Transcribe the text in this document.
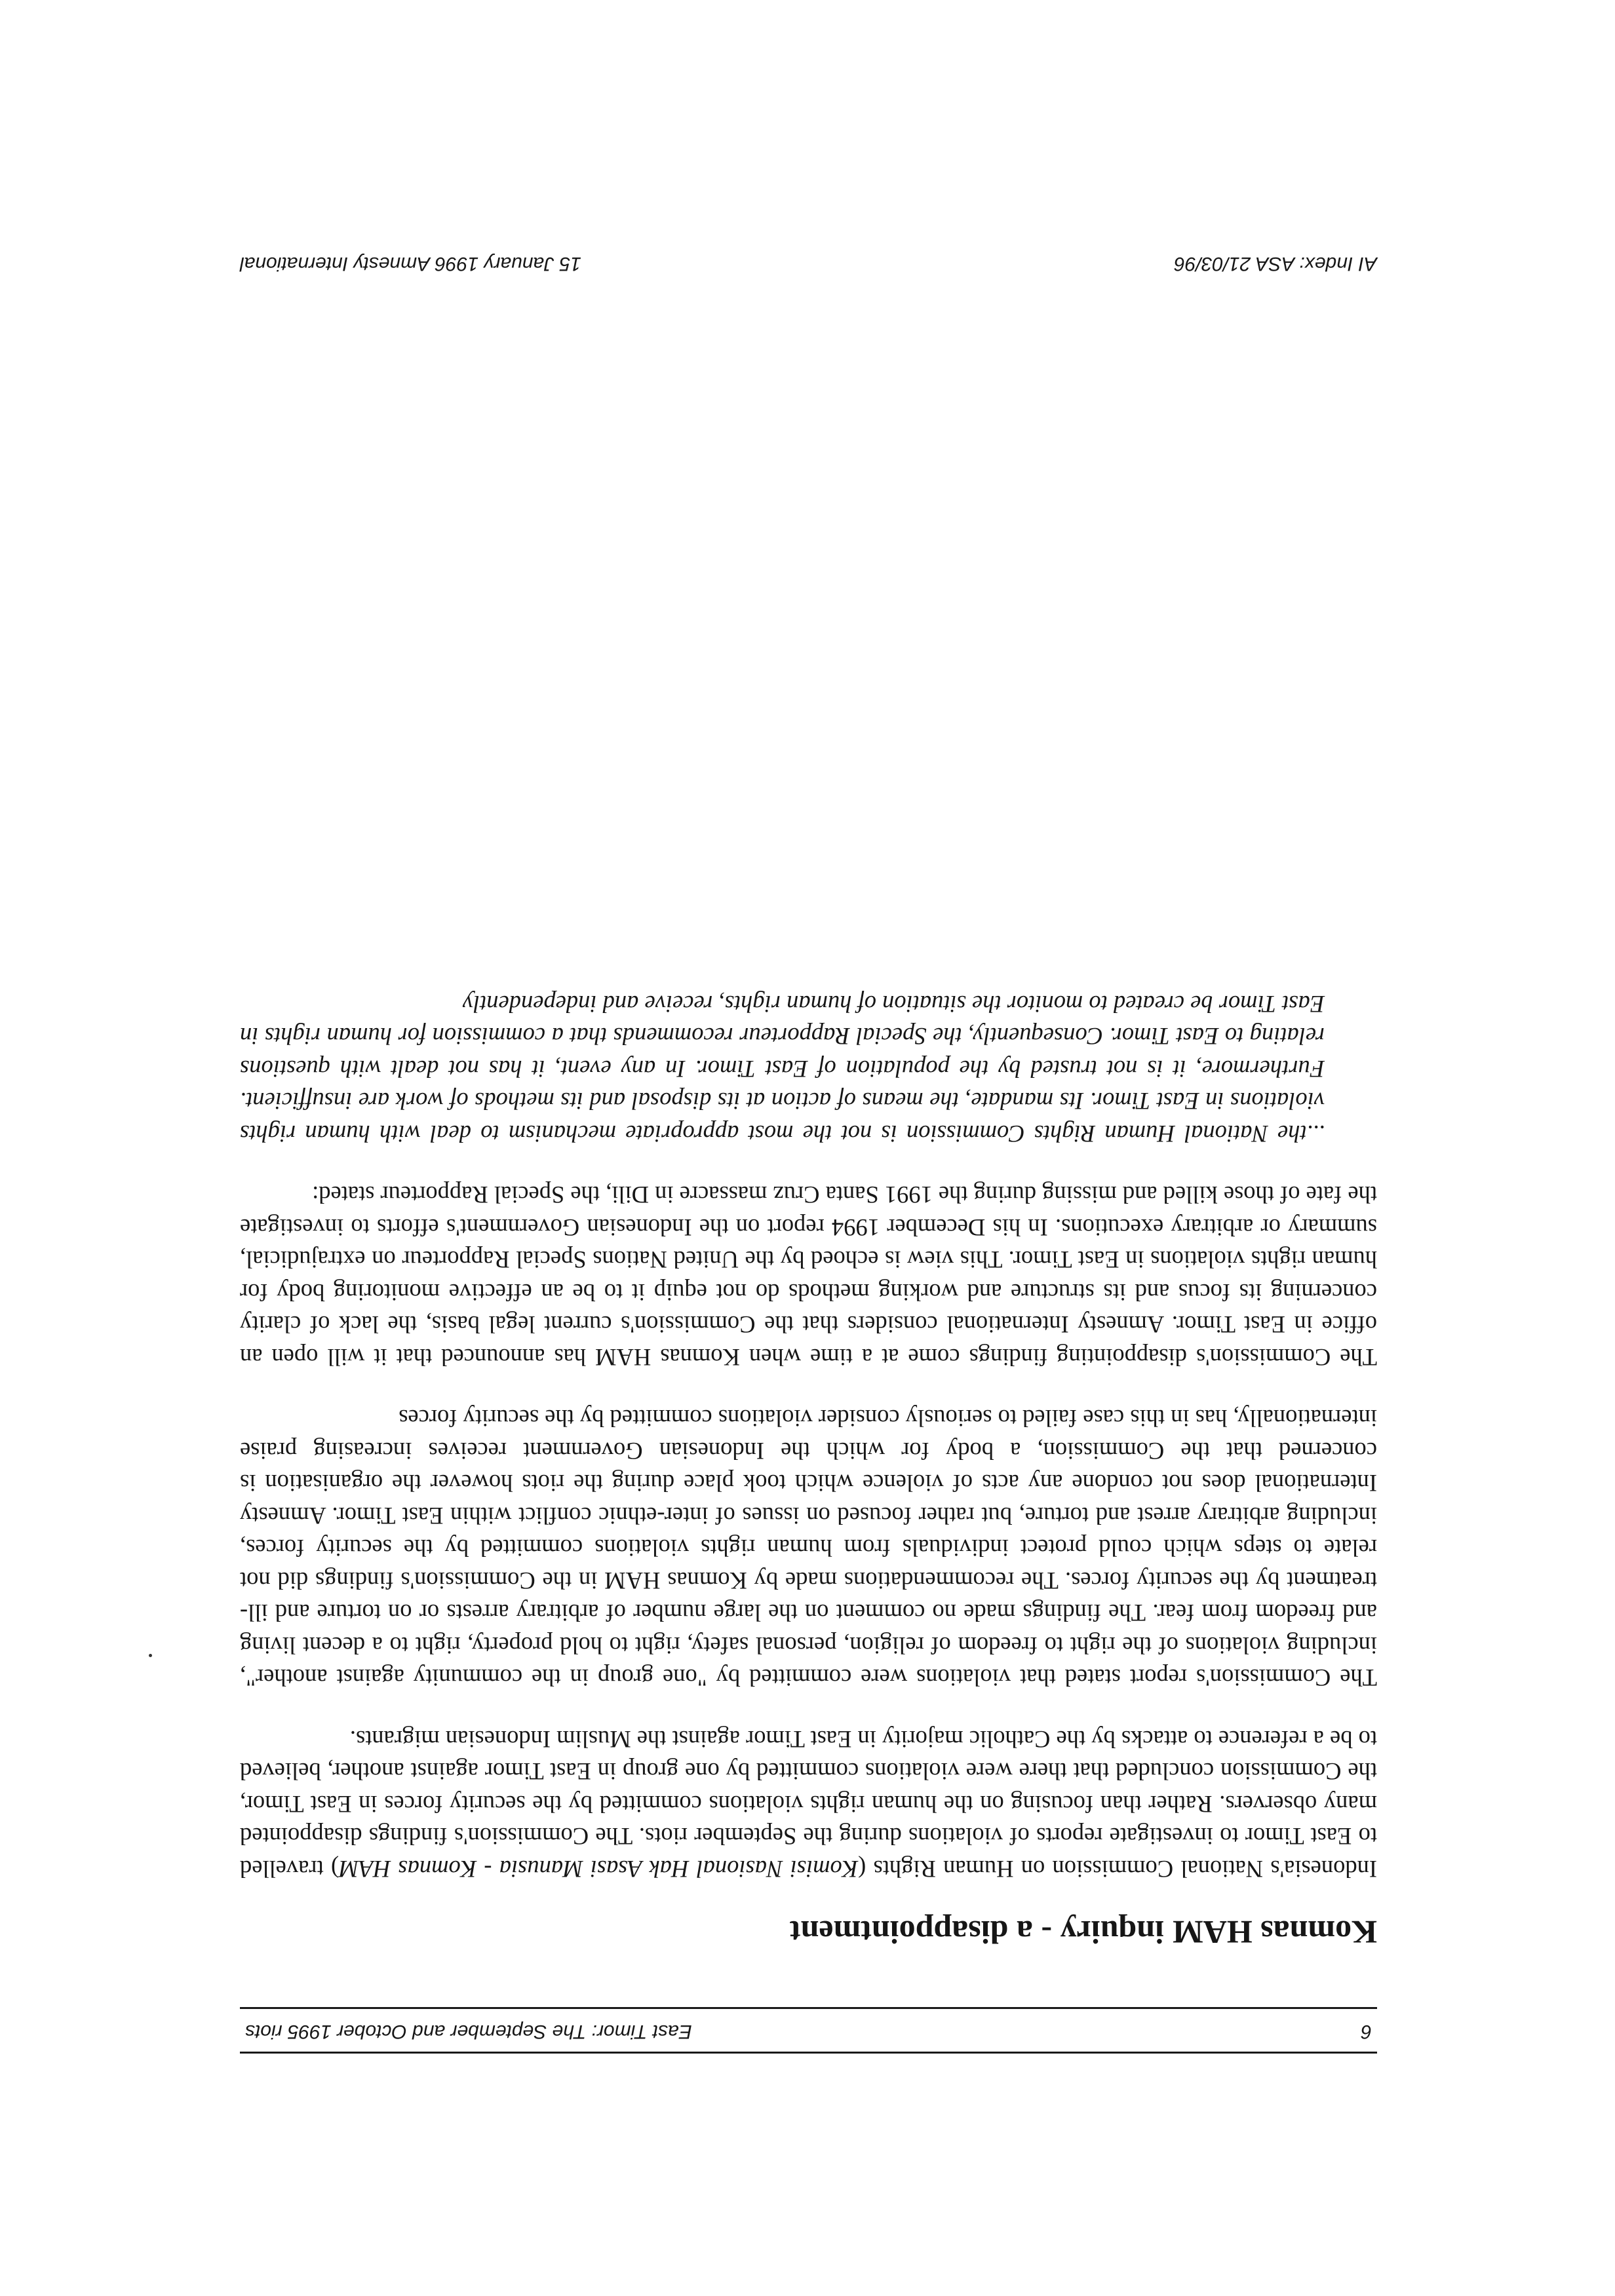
6
East Timor: The September and October 1995 riots
Komnas HAM inquiry - a disappointment

Indonesia's National Commission on Human Rights (Komisi Nasional Hak Asasi Manusia - Komnas HAM) travelled to East Timor to investigate reports of violations during the September riots. The Commission's findings disappointed many observers. Rather than focusing on the human rights violations committed by the security forces in East Timor, the Commission concluded that there were violations committed by one group in East Timor against another, believed to be a reference to attacks by the Catholic majority in East Timor against the Muslim Indonesian migrants.

The Commission's report stated that violations were committed by "one group in the community against another", including violations of the right to freedom of religion, personal safety, right to hold property, right to a decent living and freedom from fear. The findings made no comment on the large number of arbitrary arrests or on torture and ill-treatment by the security forces. The recommendations made by Komnas HAM in the Commission's findings did not relate to steps which could protect individuals from human rights violations committed by the security forces, including arbitrary arrest and torture, but rather focused on issues of inter-ethnic conflict within East Timor. Amnesty International does not condone any acts of violence which took place during the riots however the organisation is concerned that the Commission, a body for which the Indonesian Government receives increasing praise internationally, has in this case failed to seriously consider violations committed by the security forces

The Commission's disappointing findings come at a time when Komnas HAM has announced that it will open an office in East Timor. Amnesty International considers that the Commission's current legal basis, the lack of clarity concerning its focus and its structure and working methods do not equip it to be an effective monitoring body for human rights violations in East Timor. This view is echoed by the United Nations Special Rapporteur on extrajudicial, summary or arbitrary executions. In his December 1994 report on the Indonesian Government's efforts to investigate the fate of those killed and missing during the 1991 Santa Cruz massacre in Dili, the Special Rapporteur stated:

...the National Human Rights Commission is not the most appropriate mechanism to deal with human rights violations in East Timor. Its mandate, the means of action at its disposal and its methods of work are insufficient. Furthermore, it is not trusted by the population of East Timor. In any event, it has not dealt with questions relating to East Timor. Consequently, the Special Rapporteur recommends that a commission for human rights in East Timor be created to monitor the situation of human rights, receive and independently

AI Index: ASA 21/03/96
15 January 1996 Amnesty International
